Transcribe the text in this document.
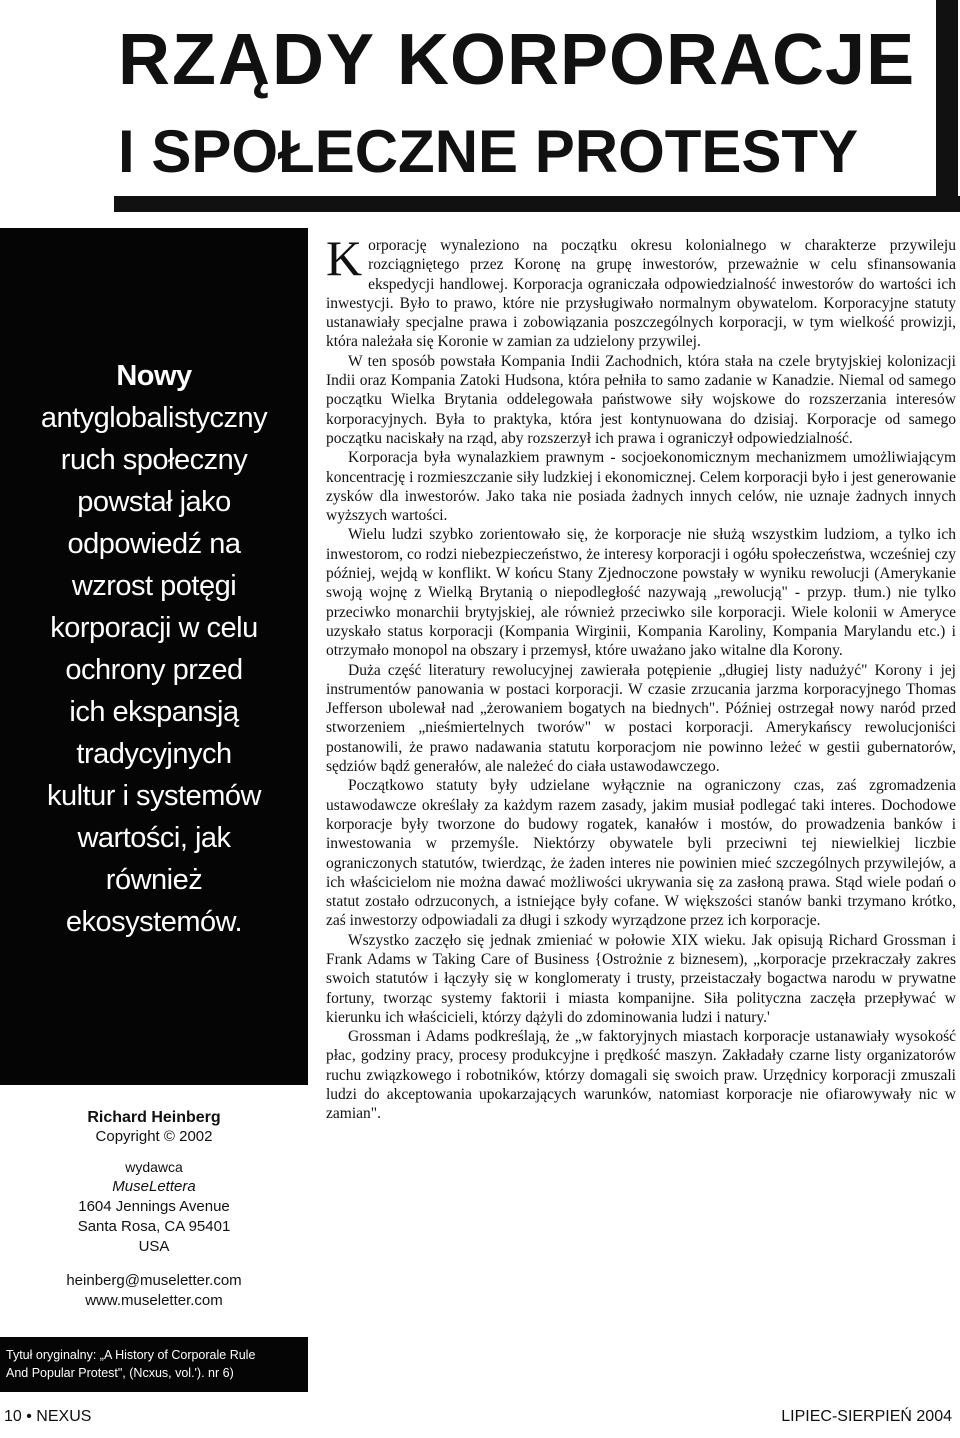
RZĄDY KORPORACJE
I SPOŁECZNE PROTESTY
Nowy
antyglobalistyczny
ruch społeczny
powstał jako
odpowiedź na
wzrost potęgi
korporacji w celu
ochrony przed
ich ekspansją
tradycyjnych
kultur i systemów
wartości, jak
również
ekosystemów.
Richard Heinberg
Copyright © 2002
wydawca
MuseLettera
1604 Jennings Avenue
Santa Rosa, CA 95401
USA
heinberg@museletter.com
www.museletter.com
Tytuł oryginalny: „A History of Corporale Rule
And Popular Protest", (Ncxus, vol.'). nr 6)

Korporację wynaleziono na początku okresu kolonialnego w charakterze przywileju rozciągniętego przez Koronę na grupę inwestorów, przeważnie w celu sfinansowania ekspedycji handlowej. Korporacja ograniczała odpowiedzialność inwestorów do wartości ich inwestycji. Było to prawo, które nie przysługiwało normalnym obywatelom. Korporacyjne statuty ustanawiały specjalne prawa i zobowiązania poszczególnych korporacji, w tym wielkość prowizji, która należała się Koronie w zamian za udzielony przywilej.

W ten sposób powstała Kompania Indii Zachodnich, która stała na czele brytyjskiej kolonizacji Indii oraz Kompania Zatoki Hudsona, która pełniła to samo zadanie w Kanadzie. Niemal od samego początku Wielka Brytania oddelegowała państwowe siły wojskowe do rozszerzania interesów korporacyjnych. Była to praktyka, która jest kontynuowana do dzisiaj. Korporacje od samego początku naciskały na rząd, aby rozszerzył ich prawa i ograniczył odpowiedzialność.

Korporacja była wynalazkiem prawnym - socjoekonomicznym mechanizmem umożliwiającym koncentrację i rozmieszczanie siły ludzkiej i ekonomicznej. Celem korporacji było i jest generowanie zysków dla inwestorów. Jako taka nie posiada żadnych innych celów, nie uznaje żadnych innych wyższych wartości.

Wielu ludzi szybko zorientowało się, że korporacje nie służą wszystkim ludziom, a tylko ich inwestorom, co rodzi niebezpieczeństwo, że interesy korporacji i ogółu społeczeństwa, wcześniej czy później, wejdą w konflikt. W końcu Stany Zjednoczone powstały w wyniku rewolucji (Amerykanie swoją wojnę z Wielką Brytanią o niepodległość nazywają „rewolucją" - przyp. tłum.) nie tylko przeciwko monarchii brytyjskiej, ale również przeciwko sile korporacji. Wiele kolonii w Ameryce uzyskało status korporacji (Kompania Wirginii, Kompania Karoliny, Kompania Marylandu etc.) i otrzymało monopol na obszary i przemysł, które uważano jako witalne dla Korony.

Duża część literatury rewolucyjnej zawierała potępienie „długiej listy nadużyć" Korony i jej instrumentów panowania w postaci korporacji. W czasie zrzucania jarzma korporacyjnego Thomas Jefferson ubolewał nad „żerowaniem bogatych na biednych". Później ostrzegał nowy naród przed stworzeniem „nieśmiertelnych tworów" w postaci korporacji. Amerykańscy rewolucjoniści postanowili, że prawo nadawania statutu korporacjom nie powinno leżeć w gestii gubernatorów, sędziów bądź generałów, ale należeć do ciała ustawodawczego.

Początkowo statuty były udzielane wyłącznie na ograniczony czas, zaś zgromadzenia ustawodawcze określały za każdym razem zasady, jakim musiał podlegać taki interes. Dochodowe korporacje były tworzone do budowy rogatek, kanałów i mostów, do prowadzenia banków i inwestowania w przemyśle. Niektórzy obywatele byli przeciwni tej niewielkiej liczbie ograniczonych statutów, twierdząc, że żaden interes nie powinien mieć szczególnych przywilejów, a ich właścicielom nie można dawać możliwości ukrywania się za zasłoną prawa. Stąd wiele podań o statut zostało odrzuconych, a istniejące były cofane. W większości stanów banki trzymano krótko, zaś inwestorzy odpowiadali za długi i szkody wyrządzone przez ich korporacje.

Wszystko zaczęło się jednak zmieniać w połowie XIX wieku. Jak opisują Richard Grossman i Frank Adams w Taking Care of Business {Ostrożnie z biznesem), „korporacje przekraczały zakres swoich statutów i łączyły się w konglomeraty i trusty, przeistaczały bogactwa narodu w prywatne fortuny, tworząc systemy faktorii i miasta kompanijne. Siła polityczna zaczęła przepływać w kierunku ich właścicieli, którzy dążyli do zdominowania ludzi i natury.'

Grossman i Adams podkreślają, że „w faktoryjnych miastach korporacje ustanawiały wysokość płac, godziny pracy, procesy produkcyjne i prędkość maszyn. Zakładały czarne listy organizatorów ruchu związkowego i robotników, którzy domagali się swoich praw. Urzędnicy korporacji zmuszali ludzi do akceptowania upokarzających warunków, natomiast korporacje nie ofiarowywały nic w zamian".

10 • NEXUS	LIPIEC-SIERPIEŃ 2004
